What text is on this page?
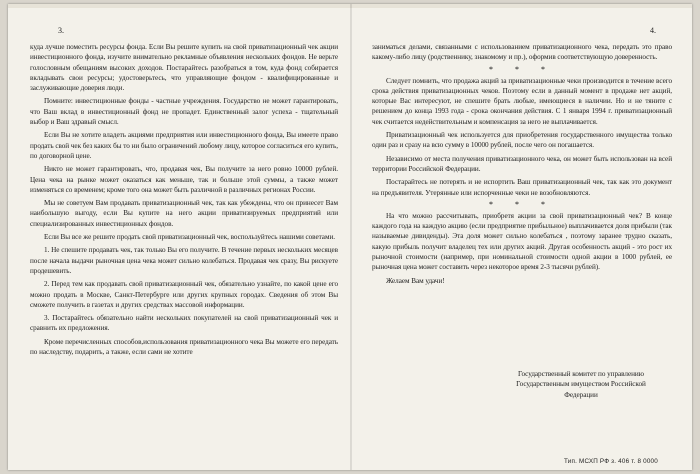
3.	4.

куда лучше поместить ресурсы фонда. Если Вы решите купить на свой приватизационный чек акции инвестиционного фонда, изучите внимательно рекламные объявления нескольких фондов. Не верьте голословным обещаниям высоких доходов. Постарайтесь разобраться в том, куда фонд собирается вкладывать свои ресурсы; удостоверьтесь, что управляющие фондом - квалифицированные и заслуживающие доверия люди.

Помните: инвестиционные фонды - частные учреждения. Государство не может гарантировать, что Ваш вклад в инвестиционный фонд не пропадет. Единственный залог успеха - тщательный выбор и Ваш здравый смысл.

Если Вы не хотите владеть акциями предприятия или инвестиционного фонда, Вы имеете право продать свой чек без каких бы то ни было ограничений любому лицу, которое согласиться его купить, по договорной цене.

Никто не может гарантировать, что, продавая чек, Вы получите за него ровно 10000 рублей. Цена чека на рынке может оказаться как меньше, так и больше этой суммы, а также может изменяться со временем; кроме того она может быть различной в различных регионах России.

Мы не советуем Вам продавать приватизационный чек, так как убеждены, что он принесет Вам наибольшую выгоду, если Вы купите на него акции приватизируемых предприятий или специализированных инвестиционных фондов.

Если Вы все же решите продать свой приватизационный чек, воспользуйтесь нашими советами.

1. Не спешите продавать чек, так только Вы его получите. В течение первых нескольких месяцев после начала выдачи рыночная цена чека может сильно колебаться. Продавая чек сразу, Вы рискуете продешевить.

2. Перед тем как продавать свой приватизационный чек, обязательно узнайте, по какой цене его можно продать в Москве, Санкт-Петербурге или других крупных городах. Сведения об этом Вы сможете получить в газетах и других средствах массовой информации.

3. Постарайтесь обязательно найти нескольких покупателей на свой приватизационный чек и сравнить их предложения.

Кроме перечисленных способов,использования приватизационного чека Вы можете его передать по наследству, подарить, а также, если сами не хотите

заниматься делами, связанными с использованием приватизационного чека, передать это право какому-либо лицу (родственнику, знакомому и пр.), оформив соответствующую доверенность.

* * *

Следует помнить, что продажа акций за приватизационные чеки производится в течение всего срока действия приватизационных чеков. Поэтому если в данный момент в продаже нет акций, которые Вас интересуют, не спешите брать любые, имеющиеся в наличии. Но и не тяните с решением до конца 1993 года - срока окончания действия. С 1 января 1994 г. приватизационный чек считается недействительным и компенсация за него не выплачивается.

Приватизационный чек используется для приобретения государственного имущества только один раз и сразу на всю сумму в 10000 рублей, после чего он погашается.

Независимо от места получения приватизационного чека, он может быть использован на всей территории Российской Федерации.

Постарайтесь не потерять и не испортить Ваш приватизационный чек, так как это документ на предъявителя. Утерянные или испорченные чеки не возобновляются.

* * *

На что можно рассчитывать, приобретя акции за свой приватизационный чек? В конце каждого года на каждую акцию (если предприятие прибыльное) выплачивается доля прибыли (так называемые дивиденды). Эта доля может сильно колебаться , поэтому заранее трудно сказать, какую прибыль получит владелец тех или других акций. Другая особенность акций - это рост их рыночной стоимости (например, при номинальной стоимости одной акции в 1000 рублей, ее рыночная цена может составить через некоторое время 2-3 тысячи рублей).

Желаем Вам удачи!

Государственный комитет по управлению

Государственным имуществом Российской

Федерации

Тип. МСХП РФ з. 406 т. 8 0000
